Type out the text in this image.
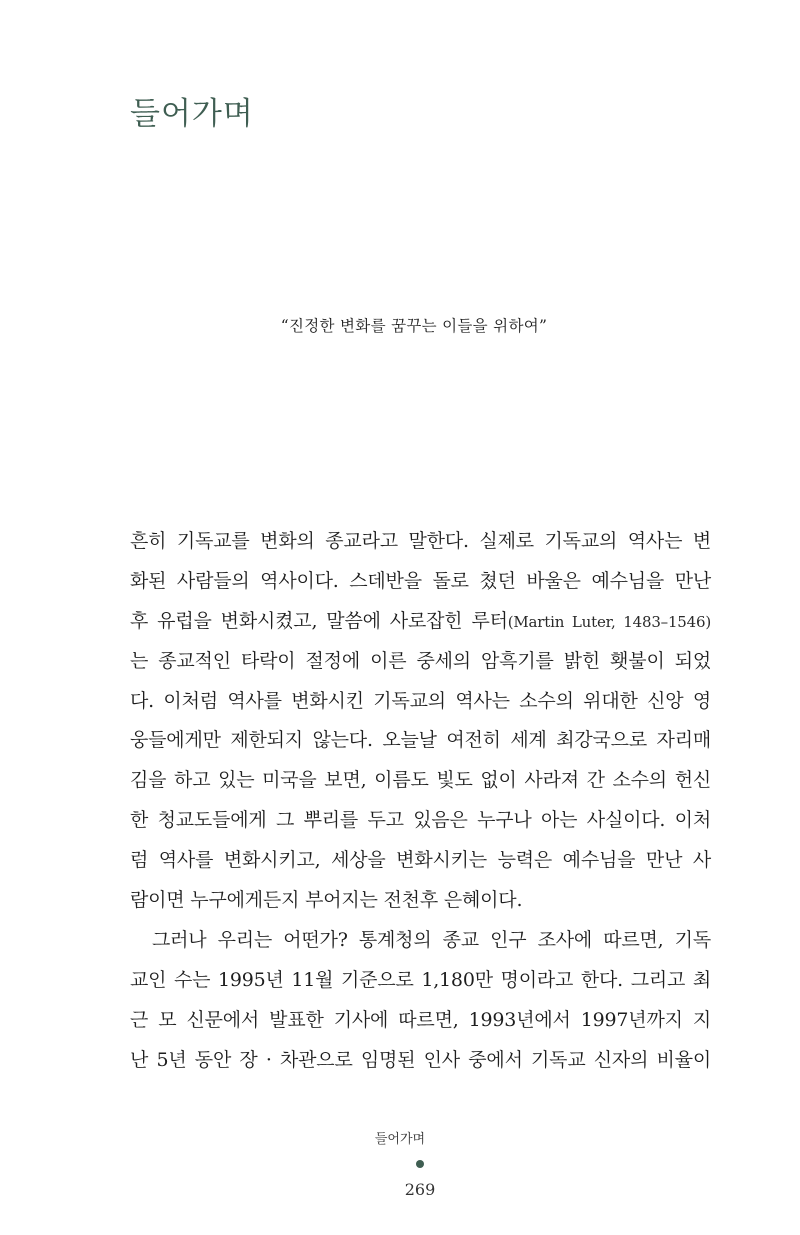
들어가며
“진정한 변화를 꿈꾸는 이들을 위하여”
흔히 기독교를 변화의 종교라고 말한다. 실제로 기독교의 역사는 변
화된 사람들의 역사이다. 스데반을 돌로 쳤던 바울은 예수님을 만난
후 유럽을 변화시켰고, 말씀에 사로잡힌 루터(Martin Luter, 1483–1546)
는 종교적인 타락이 절정에 이른 중세의 암흑기를 밝힌 횃불이 되었
다. 이처럼 역사를 변화시킨 기독교의 역사는 소수의 위대한 신앙 영
웅들에게만 제한되지 않는다. 오늘날 여전히 세계 최강국으로 자리매
김을 하고 있는 미국을 보면, 이름도 빛도 없이 사라져 간 소수의 헌신
한 청교도들에게 그 뿌리를 두고 있음은 누구나 아는 사실이다. 이처
럼 역사를 변화시키고, 세상을 변화시키는 능력은 예수님을 만난 사
람이면 누구에게든지 부어지는 전천후 은혜이다.
그러나 우리는 어떤가? 통계청의 종교 인구 조사에 따르면, 기독
교인 수는 1995년 11월 기준으로 1,180만 명이라고 한다. 그리고 최
근 모 신문에서 발표한 기사에 따르면, 1993년에서 1997년까지 지
난 5년 동안 장 · 차관으로 임명된 인사 중에서 기독교 신자의 비율이
들어가며
269
